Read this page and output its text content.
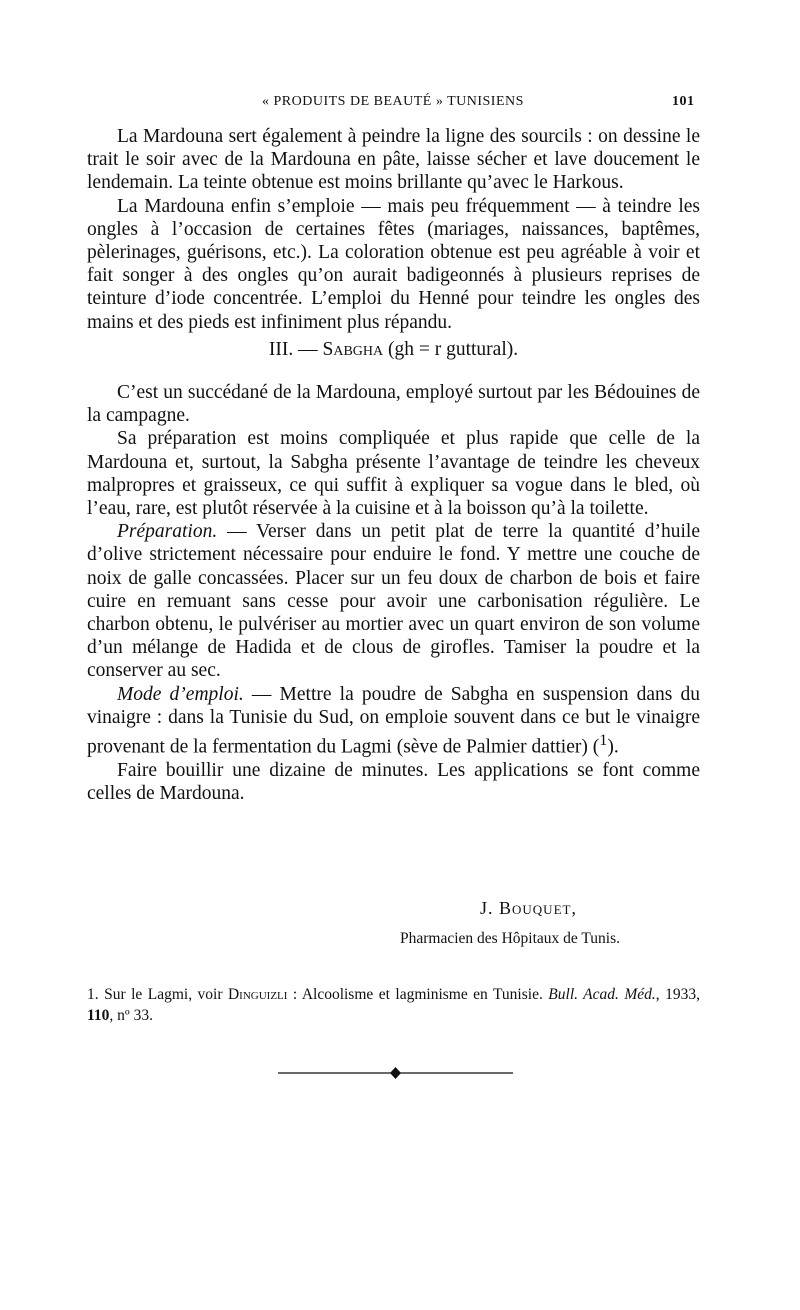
« PRODUITS DE BEAUTÉ » TUNISIENS	101

La Mardouna sert également à peindre la ligne des sourcils : on dessine le trait le soir avec de la Mardouna en pâte, laisse sécher et lave doucement le lendemain. La teinte obtenue est moins brillante qu’avec le Harkous.

La Mardouna enfin s’emploie — mais peu fréquemment — à teindre les ongles à l’occasion de certaines fêtes (mariages, naissances, baptêmes, pèlerinages, guérisons, etc.). La coloration obtenue est peu agréable à voir et fait songer à des ongles qu’on aurait badigeonnés à plusieurs reprises de teinture d’iode concentrée. L’emploi du Henné pour teindre les ongles des mains et des pieds est infiniment plus répandu.

III. — Sabgha (gh = r guttural).

C’est un succédané de la Mardouna, employé surtout par les Bédouines de la campagne.

Sa préparation est moins compliquée et plus rapide que celle de la Mardouna et, surtout, la Sabgha présente l’avantage de teindre les cheveux malpropres et graisseux, ce qui suffit à expliquer sa vogue dans le bled, où l’eau, rare, est plutôt réservée à la cuisine et à la boisson qu’à la toilette.

Préparation. — Verser dans un petit plat de terre la quantité d’huile d’olive strictement nécessaire pour enduire le fond. Y mettre une couche de noix de galle concassées. Placer sur un feu doux de charbon de bois et faire cuire en remuant sans cesse pour avoir une carbonisation régulière. Le charbon obtenu, le pulvériser au mortier avec un quart environ de son volume d’un mélange de Hadida et de clous de girofles. Tamiser la poudre et la conserver au sec.

Mode d’emploi. — Mettre la poudre de Sabgha en suspension dans du vinaigre : dans la Tunisie du Sud, on emploie souvent dans ce but le vinaigre provenant de la fermentation du Lagmi (sève de Palmier dattier) ($^1$).

Faire bouillir une dizaine de minutes. Les applications se font comme celles de Mardouna.

J. Bouquet,
Pharmacien des Hôpitaux de Tunis.
1. Sur le Lagmi, voir Dinguizli : Alcoolisme et lagminisme en Tunisie. Bull. Acad. Méd., 1933, 110, nº 33.
